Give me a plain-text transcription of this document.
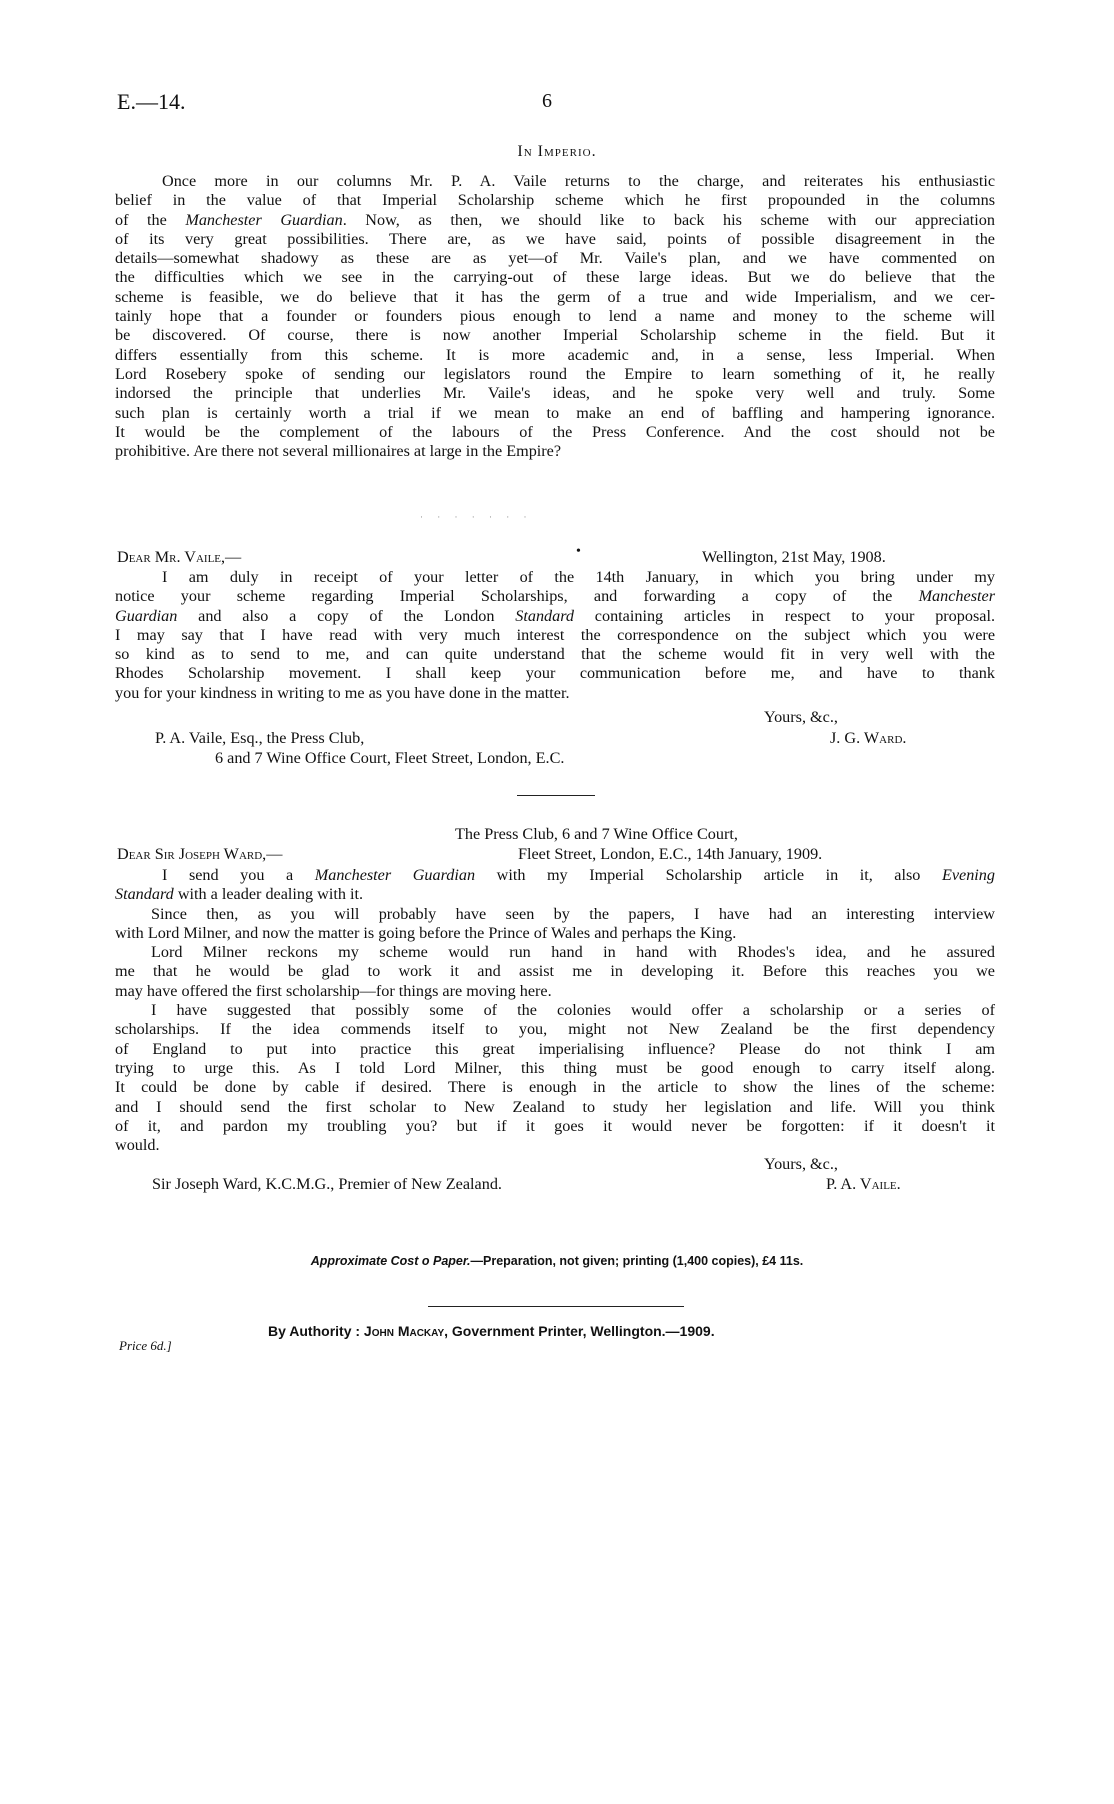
E.—14.	6
In Imperio.
Once more in our columns Mr. P. A. Vaile returns to the charge, and reiterates his enthusiastic
belief in the value of that Imperial Scholarship scheme which he first propounded in the columns
of the Manchester Guardian. Now, as then, we should like to back his scheme with our appreciation
of its very great possibilities. There are, as we have said, points of possible disagreement in the
details—somewhat shadowy as these are as yet—of Mr. Vaile's plan, and we have commented on
the difficulties which we see in the carrying-out of these large ideas. But we do believe that the
scheme is feasible, we do believe that it has the germ of a true and wide Imperialism, and we cer-
tainly hope that a founder or founders pious enough to lend a name and money to the scheme will
be discovered. Of course, there is now another Imperial Scholarship scheme in the field. But it
differs essentially from this scheme. It is more academic and, in a sense, less Imperial. When
Lord Rosebery spoke of sending our legislators round the Empire to learn something of it, he really
indorsed the principle that underlies Mr. Vaile's ideas, and he spoke very well and truly. Some
such plan is certainly worth a trial if we mean to make an end of baffling and hampering ignorance.
It would be the complement of the labours of the Press Conference. And the cost should not be
prohibitive. Are there not several millionaires at large in the Empire?
· · · · · · ·
Dear Mr. Vaile,—	•	Wellington, 21st May, 1908.
I am duly in receipt of your letter of the 14th January, in which you bring under my
notice your scheme regarding Imperial Scholarships, and forwarding a copy of the Manchester
Guardian and also a copy of the London Standard containing articles in respect to your proposal.
I may say that I have read with very much interest the correspondence on the subject which you were
so kind as to send to me, and can quite understand that the scheme would fit in very well with the
Rhodes Scholarship movement. I shall keep your communication before me, and have to thank
you for your kindness in writing to me as you have done in the matter.
Yours, &c.,
P. A. Vaile, Esq., the Press Club,	J. G. Ward.
6 and 7 Wine Office Court, Fleet Street, London, E.C.
The Press Club, 6 and 7 Wine Office Court,
Dear Sir Joseph Ward,—	Fleet Street, London, E.C., 14th January, 1909.
I send you a Manchester Guardian with my Imperial Scholarship article in it, also Evening
Standard with a leader dealing with it.
Since then, as you will probably have seen by the papers, I have had an interesting interview
with Lord Milner, and now the matter is going before the Prince of Wales and perhaps the King.
Lord Milner reckons my scheme would run hand in hand with Rhodes's idea, and he assured
me that he would be glad to work it and assist me in developing it. Before this reaches you we
may have offered the first scholarship—for things are moving here.
I have suggested that possibly some of the colonies would offer a scholarship or a series of
scholarships. If the idea commends itself to you, might not New Zealand be the first dependency
of England to put into practice this great imperialising influence? Please do not think I am
trying to urge this. As I told Lord Milner, this thing must be good enough to carry itself along.
It could be done by cable if desired. There is enough in the article to show the lines of the scheme:
and I should send the first scholar to New Zealand to study her legislation and life. Will you think
of it, and pardon my troubling you? but if it goes it would never be forgotten: if it doesn't it
would.
Yours, &c.,
Sir Joseph Ward, K.C.M.G., Premier of New Zealand.	P. A. Vaile.
Approximate Cost o Paper.—Preparation, not given; printing (1,400 copies), £4 11s.
By Authority : John Mackay, Government Printer, Wellington.—1909.
Price 6d.]
